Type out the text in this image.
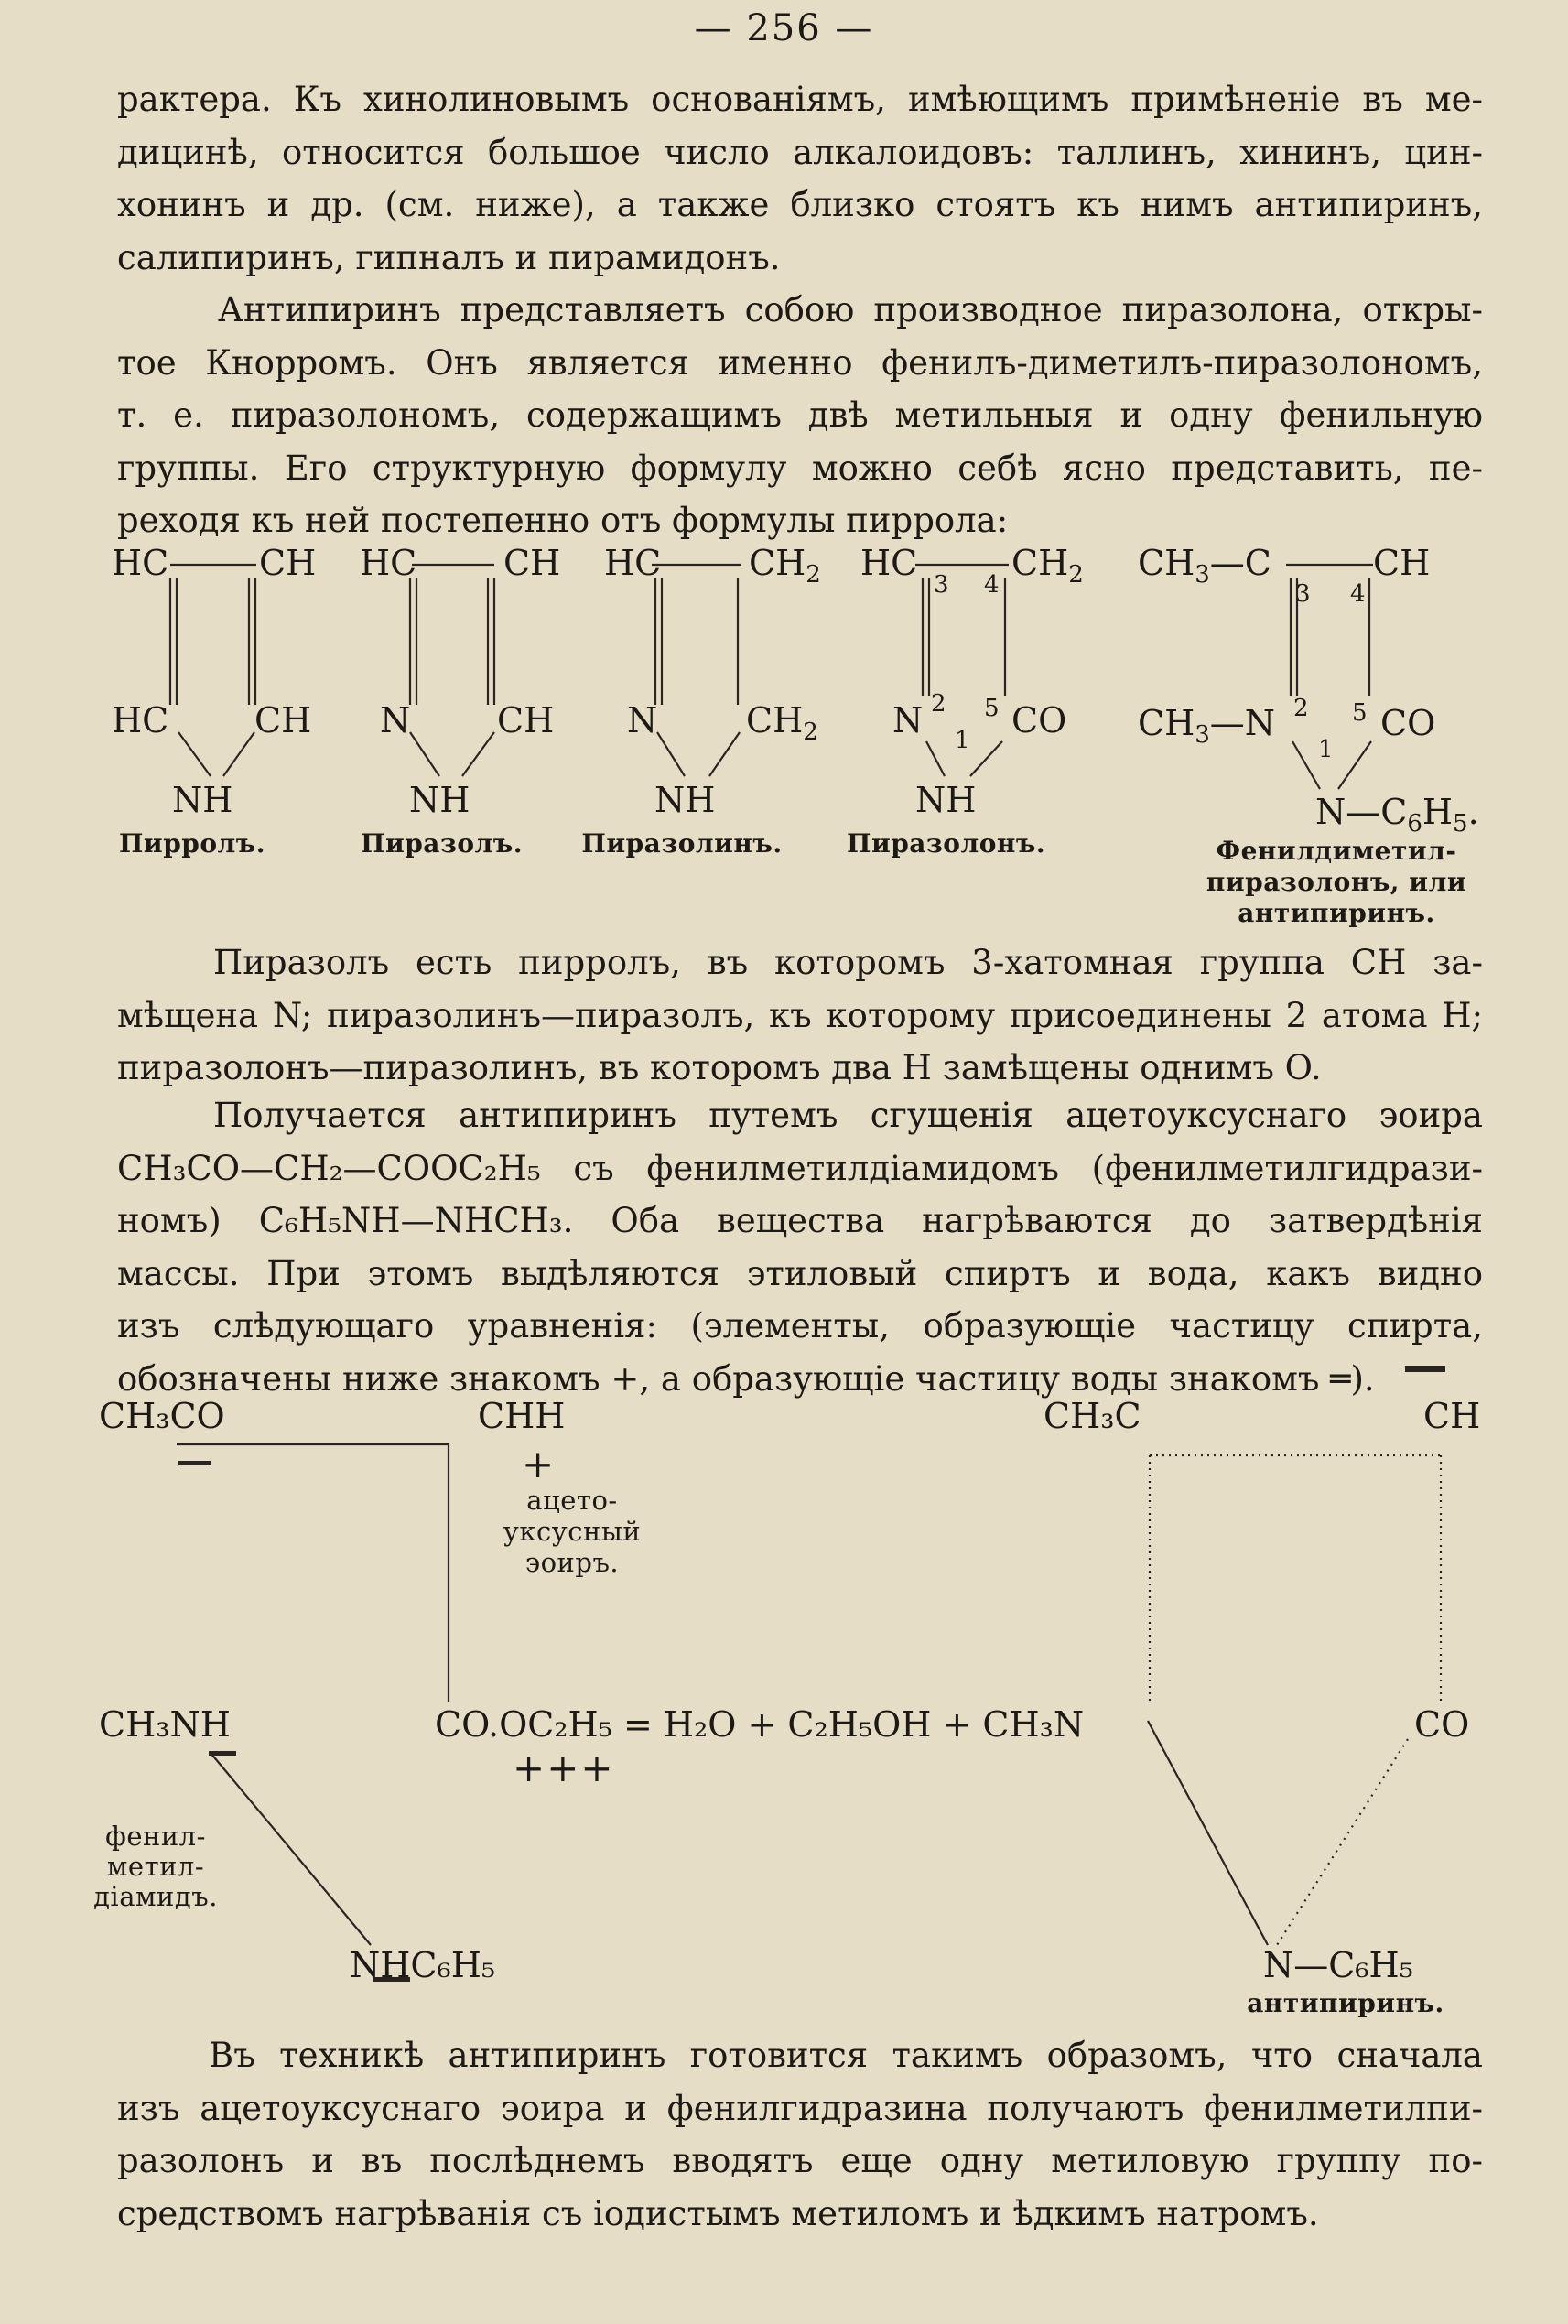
— 256 —
рактера. Къ хинолиновымъ основаніямъ, имѣющимъ примѣненіе въ ме-
дицинѣ, относится большое число алкалоидовъ: таллинъ, хининъ, цин-
хонинъ и др. (см. ниже), а также близко стоятъ къ нимъ антипиринъ,
салипиринъ, гипналъ и пирамидонъ.
Антипиринъ представляетъ собою производное пиразолона, откры-
тое Кнорромъ. Онъ является именно фенилъ-диметилъ-пиразолономъ,
т. е. пиразолономъ, содержащимъ двѣ метильныя и одну фенильную
группы. Его структурную формулу можно себѣ ясно представить, пе-
реходя къ ней постепенно отъ формулы пиррола:
HC	CH
HC CH
NH
Пирролъ.
HC CH
N CH
NH
Пиразолъ.
HC	$CH_2$
N	$CH_2$
NH
Пиразолинъ.
HC	$CH_2$
3 4
N 2
1
5 CO
NH
Пиразолонъ.
$CH_3—C$	CH
3 4
$CH_3—N$ 2
1
5 CO
$N—C_6H_5$.
Фенилдиметил-
пиразолонъ, или
антипиринъ.
Пиразолъ есть пирролъ, въ которомъ 3-хатомная группа CH за-
мѣщена N; пиразолинъ—пиразолъ, къ которому присоединены 2 атома H;
пиразолонъ—пиразолинъ, въ которомъ два H замѣщены однимъ O.
Получается антипиринъ путемъ сгущенія ацетоуксуснаго эоира
CH₃CO—CH₂—COOC₂H₅ съ фенилметилдіамидомъ (фенилметилгидрази-
номъ) C₆H₅NH—NHCH₃. Оба вещества нагрѣваются до затвердѣнія
массы. При этомъ выдѣляются этиловый спиртъ и вода, какъ видно
изъ слѣдующаго уравненія: (элементы, образующіе частицу спирта,
обозначены ниже знакомъ +, а образующіе частицу воды знакомъ ═).
CH₃CO	CHH
+
ацето-
уксусный
эоиръ.
CH₃C	CH
CH₃NH	CO.OC₂H₅ = H₂O + C₂H₅OH + CH₃N	CO
+++
фенил-
метил-
діамидъ.
NHC₆H₅	N—C₆H₅
антипиринъ.
Въ техникѣ антипиринъ готовится такимъ образомъ, что сначала
изъ ацетоуксуснаго эоира и фенилгидразина получаютъ фенилметилпи-
разолонъ и въ послѣднемъ вводятъ еще одну метиловую группу по-
средствомъ нагрѣванія съ іодистымъ метиломъ и ѣдкимъ натромъ.
